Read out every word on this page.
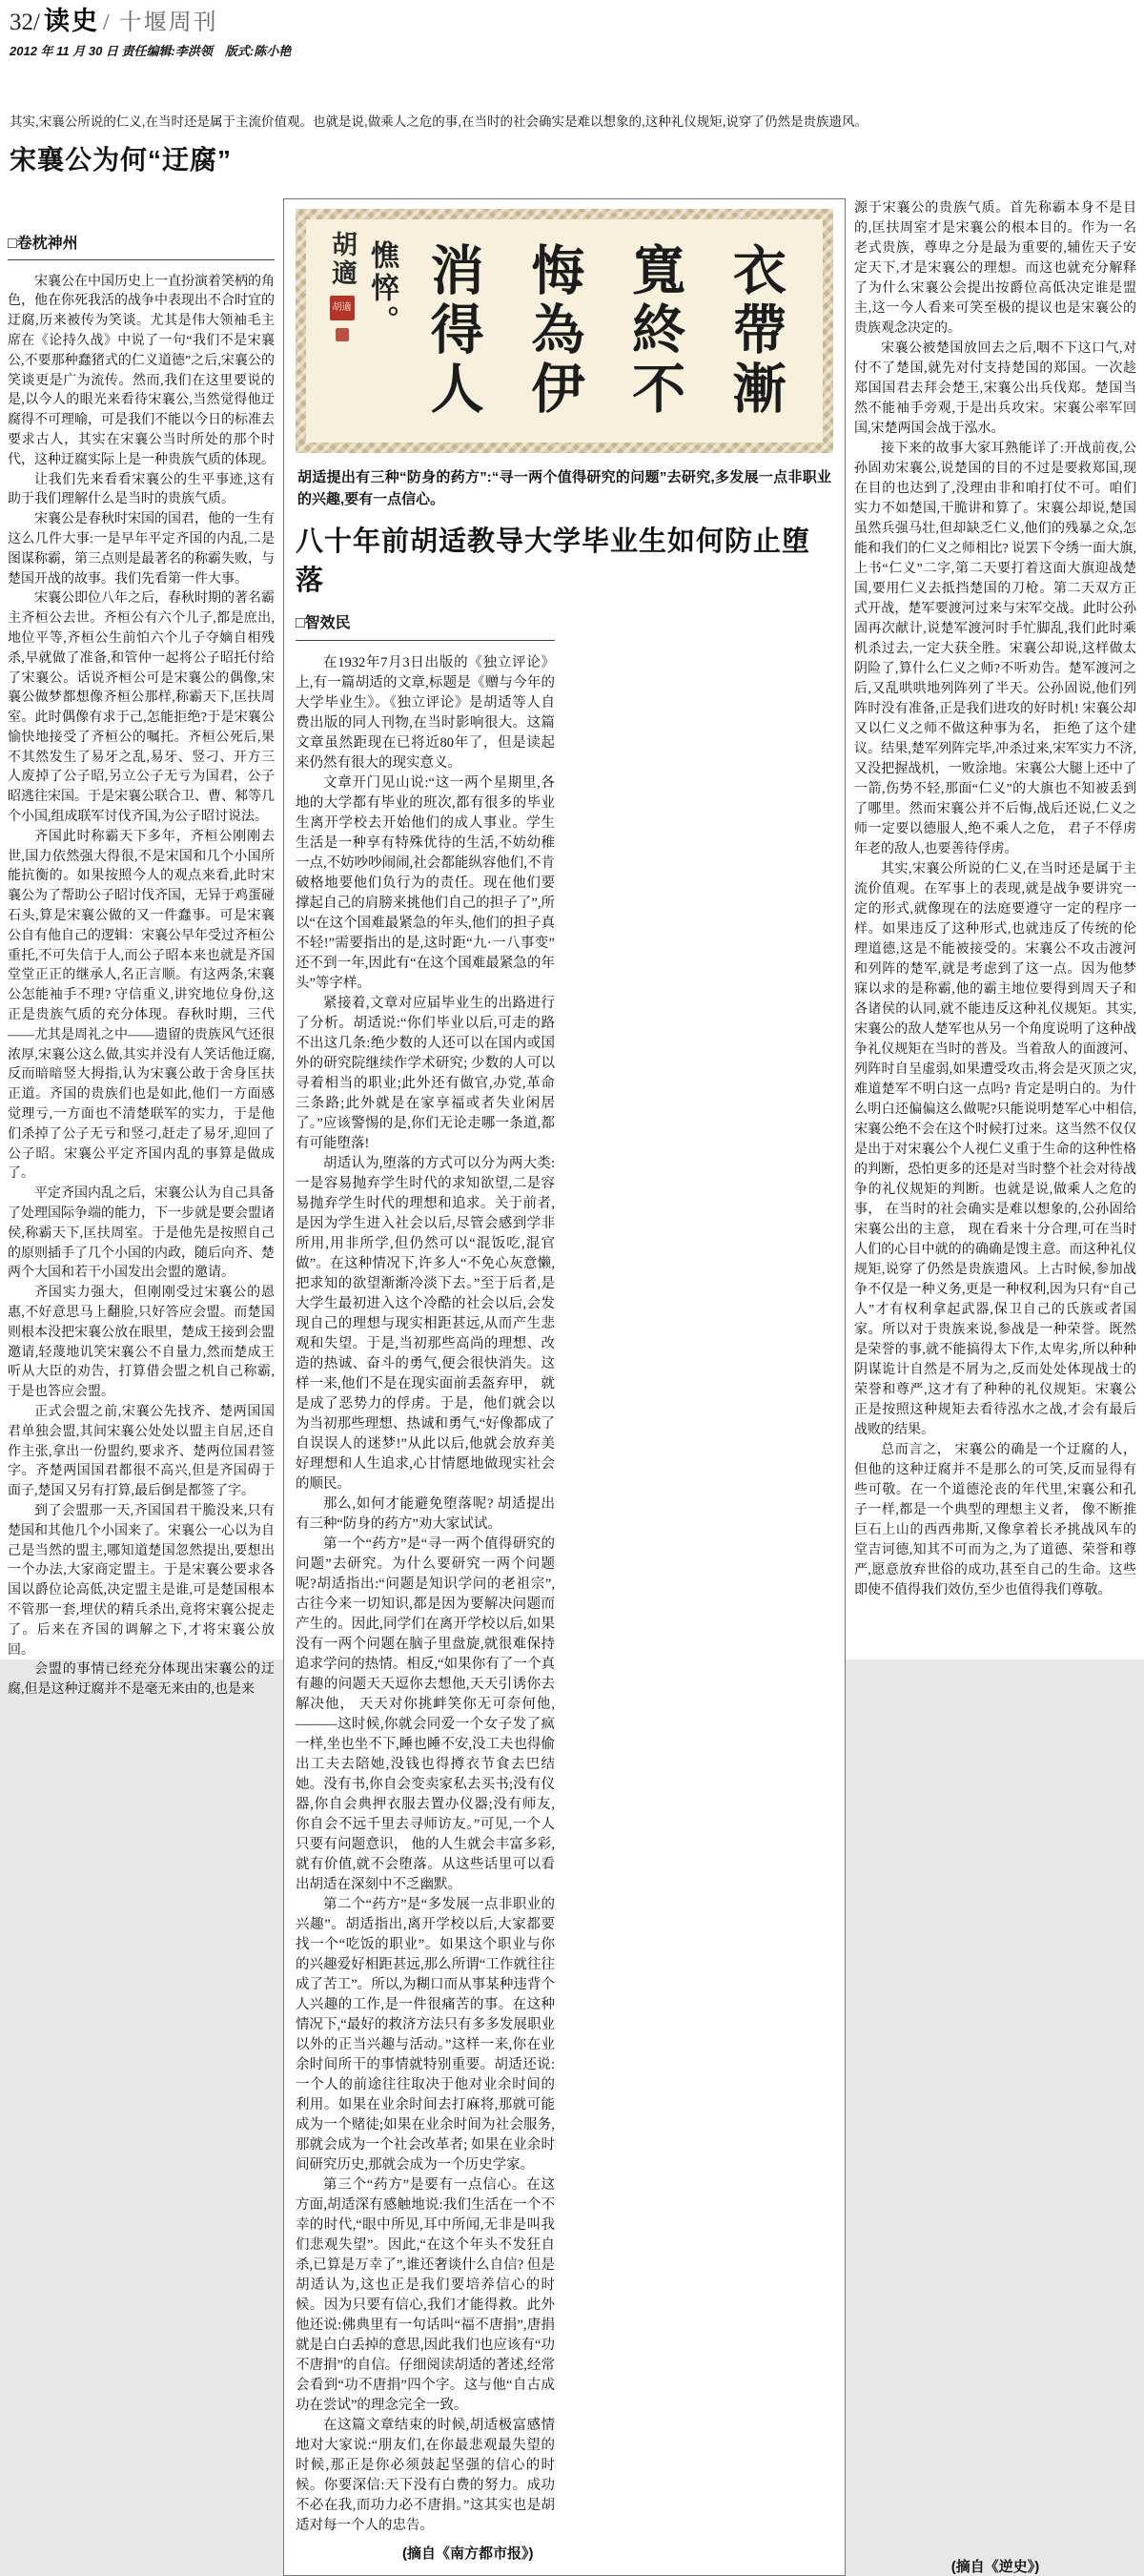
32/ 读史 / 十堰周刊
2012 年 11 月 30 日 责任编辑:李洪领　版式:陈小艳

其实,宋襄公所说的仁义,在当时还是属于主流价值观。也就是说,做乘人之危的事,在当时的社会确实是难以想象的,这种礼仪规矩,说穿了仍然是贵族遗风。

宋襄公为何“迂腐”
□卷枕神州

宋襄公在中国历史上一直扮演着笑柄的角色，他在你死我活的战争中表现出不合时宜的迂腐,历来被传为笑谈。尤其是伟大领袖毛主席在《论持久战》中说了一句“我们不是宋襄公,不要那种蠢猪式的仁义道德”之后,宋襄公的笑谈更是广为流传。然而,我们在这里要说的是,以今人的眼光来看待宋襄公,当然觉得他迂腐得不可理喻，可是我们不能以今日的标准去要求古人，其实在宋襄公当时所处的那个时代，这种迂腐实际上是一种贵族气质的体现。

让我们先来看看宋襄公的生平事迹,这有助于我们理解什么是当时的贵族气质。

宋襄公是春秋时宋国的国君，他的一生有这么几件大事:一是早年平定齐国的内乱,二是图谋称霸，第三点则是最著名的称霸失败，与楚国开战的故事。我们先看第一件大事。

宋襄公即位八年之后，春秋时期的著名霸主齐桓公去世。齐桓公有六个儿子,都是庶出,地位平等,齐桓公生前怕六个儿子夺嫡自相残杀,早就做了准备,和管仲一起将公子昭托付给了宋襄公。话说齐桓公可是宋襄公的偶像,宋襄公做梦都想像齐桓公那样,称霸天下,匡扶周室。此时偶像有求于己,怎能拒绝?于是宋襄公愉快地接受了齐桓公的嘱托。齐桓公死后,果不其然发生了易牙之乱,易牙、竖刁、开方三人废掉了公子昭,另立公子无亏为国君，公子昭逃往宋国。于是宋襄公联合卫、曹、邾等几个小国,组成联军讨伐齐国,为公子昭讨说法。

齐国此时称霸天下多年，齐桓公刚刚去世,国力依然强大得很,不是宋国和几个小国所能抗衡的。如果按照今人的观点来看,此时宋襄公为了帮助公子昭讨伐齐国，无异于鸡蛋碰石头,算是宋襄公做的又一件蠢事。可是宋襄公自有他自己的逻辑：宋襄公早年受过齐桓公重托,不可失信于人,而公子昭本来也就是齐国堂堂正正的继承人,名正言顺。有这两条,宋襄公怎能袖手不理? 守信重义,讲究地位身份,这正是贵族气质的充分体现。春秋时期，三代——尤其是周礼之中——遗留的贵族风气还很浓厚,宋襄公这么做,其实并没有人笑话他迂腐,反而暗暗竖大拇指,认为宋襄公敢于舍身匡扶正道。齐国的贵族们也是如此,他们一方面感觉理亏,一方面也不清楚联军的实力，于是他们杀掉了公子无亏和竖刁,赶走了易牙,迎回了公子昭。宋襄公平定齐国内乱的事算是做成了。

平定齐国内乱之后，宋襄公认为自己具备了处理国际争端的能力，下一步就是要会盟诸侯,称霸天下,匡扶周室。于是他先是按照自己的原则插手了几个小国的内政，随后向齐、楚两个大国和若干小国发出会盟的邀请。

齐国实力强大，但刚刚受过宋襄公的恩惠,不好意思马上翻脸,只好答应会盟。而楚国则根本没把宋襄公放在眼里，楚成王接到会盟邀请,轻蔑地讥笑宋襄公不自量力,然而楚成王听从大臣的劝告，打算借会盟之机自己称霸,于是也答应会盟。

正式会盟之前,宋襄公先找齐、楚两国国君单独会盟,其间宋襄公处处以盟主自居,还自作主张,拿出一份盟约,要求齐、楚两位国君签字。齐楚两国国君都很不高兴,但是齐国碍于面子,楚国又另有打算,最后倒是都签了字。

到了会盟那一天,齐国国君干脆没来,只有楚国和其他几个小国来了。宋襄公一心以为自己是当然的盟主,哪知道楚国忽然提出,要想出一个办法,大家商定盟主。于是宋襄公要求各国以爵位论高低,决定盟主是谁,可是楚国根本不管那一套,埋伏的精兵杀出,竟将宋襄公捉走了。后来在齐国的调解之下,才将宋襄公放回。

会盟的事情已经充分体现出宋襄公的迂腐,但是这种迂腐并不是毫无来由的,也是来

衣帶漸
寬終不
悔為伊
消得人
憔悴。
胡適
胡適

胡适提出有三种“防身的药方”:“寻一两个值得研究的问题”去研究,多发展一点非职业的兴趣,要有一点信心。

八十年前胡适教导大学毕业生如何防止堕落
□智效民

在1932年7月3日出版的《独立评论》上,有一篇胡适的文章,标题是《赠与今年的大学毕业生》。《独立评论》是胡适等人自费出版的同人刊物,在当时影响很大。这篇文章虽然距现在已将近80年了，但是读起来仍然有很大的现实意义。

文章开门见山说:“这一两个星期里,各地的大学都有毕业的班次,都有很多的毕业生离开学校去开始他们的成人事业。学生生活是一种享有特殊优待的生活,不妨幼稚一点,不妨吵吵闹闹,社会都能纵容他们,不肯破格地要他们负行为的责任。现在他们要撑起自己的肩膀来挑他们自己的担子了”,所以“在这个国难最紧急的年头,他们的担子真不轻!”需要指出的是,这时距“九·一八事变”还不到一年,因此有“在这个国难最紧急的年头”等字样。

紧接着,文章对应届毕业生的出路进行了分析。胡适说:“你们毕业以后,可走的路不出这几条:绝少数的人还可以在国内或国外的研究院继续作学术研究; 少数的人可以寻着相当的职业;此外还有做官,办党,革命三条路;此外就是在家享福或者失业闲居了。”应该警惕的是,你们无论走哪一条道,都有可能堕落!

胡适认为,堕落的方式可以分为两大类:一是容易抛弃学生时代的求知欲望,二是容易抛弃学生时代的理想和追求。关于前者,是因为学生进入社会以后,尽管会感到学非所用,用非所学,但仍然可以“混饭吃,混官做”。在这种情况下,许多人“不免心灰意懒,把求知的欲望渐渐冷淡下去。”至于后者,是大学生最初进入这个冷酷的社会以后,会发现自己的理想与现实相距甚远,从而产生悲观和失望。于是,当初那些高尚的理想、改造的热诚、奋斗的勇气,便会很快消失。这样一来,他们不是在现实面前丢盔弃甲， 就是成了恶势力的俘虏。于是，他们就会以为当初那些理想、热诚和勇气,“好像都成了自误误人的迷梦!”从此以后,他就会放弃美好理想和人生追求,心甘情愿地做现实社会的顺民。

那么,如何才能避免堕落呢? 胡适提出有三种“防身的药方”劝大家试试。

第一个“药方”是“寻一两个值得研究的问题”去研究。为什么要研究一两个问题呢?胡适指出:“问题是知识学问的老祖宗”,古往今来一切知识,都是因为要解决问题而产生的。因此,同学们在离开学校以后,如果没有一两个问题在脑子里盘旋,就很难保持追求学问的热情。相反,“如果你有了一个真有趣的问题天天逗你去想他,天天引诱你去解决他， 天天对你挑衅笑你无可奈何他,———这时候,你就会同爱一个女子发了疯一样,坐也坐不下,睡也睡不安,没工夫也得偷出工夫去陪她,没钱也得撙衣节食去巴结她。没有书,你自会变卖家私去买书;没有仪器,你自会典押衣服去置办仪器;没有师友,你自会不远千里去寻师访友。”可见,一个人只要有问题意识， 他的人生就会丰富多彩,就有价值,就不会堕落。从这些话里可以看出胡适在深刻中不乏幽默。

第二个“药方”是“多发展一点非职业的兴趣”。胡适指出,离开学校以后,大家都要找一个“吃饭的职业”。如果这个职业与你的兴趣爱好相距甚远,那么所谓“工作就往往成了苦工”。所以,为糊口而从事某种违背个人兴趣的工作,是一件很痛苦的事。在这种情况下,“最好的救济方法只有多多发展职业以外的正当兴趣与活动。”这样一来,你在业余时间所干的事情就特别重要。胡适还说:一个人的前途往往取决于他对业余时间的利用。如果在业余时间去打麻将,那就可能成为一个赌徒;如果在业余时间为社会服务,那就会成为一个社会改革者; 如果在业余时间研究历史,那就会成为一个历史学家。

第三个“药方”是要有一点信心。在这方面,胡适深有感触地说:我们生活在一个不幸的时代,“眼中所见,耳中所闻,无非是叫我们悲观失望”。因此,“在这个年头不发狂自杀,已算是万幸了”,谁还奢谈什么自信? 但是胡适认为,这也正是我们要培养信心的时候。因为只要有信心,我们才能得救。此外他还说:佛典里有一句话叫“福不唐捐”,唐捐就是白白丢掉的意思,因此我们也应该有“功不唐捐”的自信。仔细阅读胡适的著述,经常会看到“功不唐捐”四个字。这与他“自古成功在尝试”的理念完全一致。

在这篇文章结束的时候,胡适极富感情地对大家说:“朋友们,在你最悲观最失望的时候,那正是你必须鼓起坚强的信心的时候。你要深信:天下没有白费的努力。成功不必在我,而功力必不唐捐。”这其实也是胡适对每一个人的忠告。

(摘自《南方都市报》)

源于宋襄公的贵族气质。首先称霸本身不是目的,匡扶周室才是宋襄公的根本目的。作为一名老式贵族，尊卑之分是最为重要的,辅佐天子安定天下,才是宋襄公的理想。而这也就充分解释了为什么宋襄公会提出按爵位高低决定谁是盟主,这一今人看来可笑至极的提议也是宋襄公的贵族观念决定的。

宋襄公被楚国放回去之后,咽不下这口气,对付不了楚国,就先对付支持楚国的郑国。一次趁郑国国君去拜会楚王,宋襄公出兵伐郑。楚国当然不能袖手旁观,于是出兵攻宋。宋襄公率军回国,宋楚两国会战于泓水。

接下来的故事大家耳熟能详了:开战前夜,公孙固劝宋襄公,说楚国的目的不过是要救郑国,现在目的也达到了,没理由非和咱打仗不可。咱们实力不如楚国,干脆讲和算了。宋襄公却说,楚国虽然兵强马壮,但却缺乏仁义,他们的残暴之众,怎能和我们的仁义之师相比? 说罢下令绣一面大旗,上书“仁义”二字,第二天要打着这面大旗迎战楚国,要用仁义去抵挡楚国的刀枪。第二天双方正式开战，楚军要渡河过来与宋军交战。此时公孙固再次献计,说楚军渡河时手忙脚乱,我们此时乘机杀过去,一定大获全胜。宋襄公却说,这样做太阴险了,算什么仁义之师?不听劝告。楚军渡河之后,又乱哄哄地列阵列了半天。公孙固说,他们列阵时没有准备,正是我们进攻的好时机! 宋襄公却又以仁义之师不做这种事为名， 拒绝了这个建议。结果,楚军列阵完毕,冲杀过来,宋军实力不济,又没把握战机，一败涂地。宋襄公大腿上还中了一箭,伤势不轻,那面“仁义”的大旗也不知被丢到了哪里。然而宋襄公并不后悔,战后还说,仁义之师一定要以德服人,绝不乘人之危， 君子不俘虏年老的敌人,也要善待俘虏。

其实,宋襄公所说的仁义,在当时还是属于主流价值观。在军事上的表现,就是战争要讲究一定的形式,就像现在的法庭要遵守一定的程序一样。如果违反了这种形式,也就违反了传统的伦理道德,这是不能被接受的。宋襄公不攻击渡河和列阵的楚军,就是考虑到了这一点。因为他梦寐以求的是称霸,他的霸主地位要得到周天子和各诸侯的认同,就不能违反这种礼仪规矩。其实,宋襄公的敌人楚军也从另一个角度说明了这种战争礼仪规矩在当时的普及。当着敌人的面渡河、列阵时自呈虚弱,如果遭受攻击,将会是灭顶之灾,难道楚军不明白这一点吗? 肯定是明白的。为什么明白还偏偏这么做呢?只能说明楚军心中相信,宋襄公绝不会在这个时候打过来。这当然不仅仅是出于对宋襄公个人视仁义重于生命的这种性格的判断，恐怕更多的还是对当时整个社会对待战争的礼仪规矩的判断。也就是说,做乘人之危的事， 在当时的社会确实是难以想象的,公孙固给宋襄公出的主意， 现在看来十分合理,可在当时人们的心目中就的的确确是馊主意。而这种礼仪规矩,说穿了仍然是贵族遗风。上古时候,参加战争不仅是一种义务,更是一种权利,因为只有“自己人”才有权利拿起武器,保卫自己的氏族或者国家。所以对于贵族来说,参战是一种荣誉。既然是荣誉的事,就不能搞得太下作,太卑劣,所以种种阴谋诡计自然是不屑为之,反而处处体现战士的荣誉和尊严,这才有了种种的礼仪规矩。宋襄公正是按照这种规矩去看待泓水之战,才会有最后战败的结果。

总而言之， 宋襄公的确是一个迂腐的人， 但他的这种迂腐并不是那么的可笑,反而显得有些可敬。在一个道德沦丧的年代里,宋襄公和孔子一样,都是一个典型的理想主义者， 像不断推巨石上山的西西弗斯,又像拿着长矛挑战风车的堂吉诃德,知其不可而为之,为了道德、荣誉和尊严,愿意放弃世俗的成功,甚至自己的生命。这些即使不值得我们效仿,至少也值得我们尊敬。

(摘自《逆史》)
